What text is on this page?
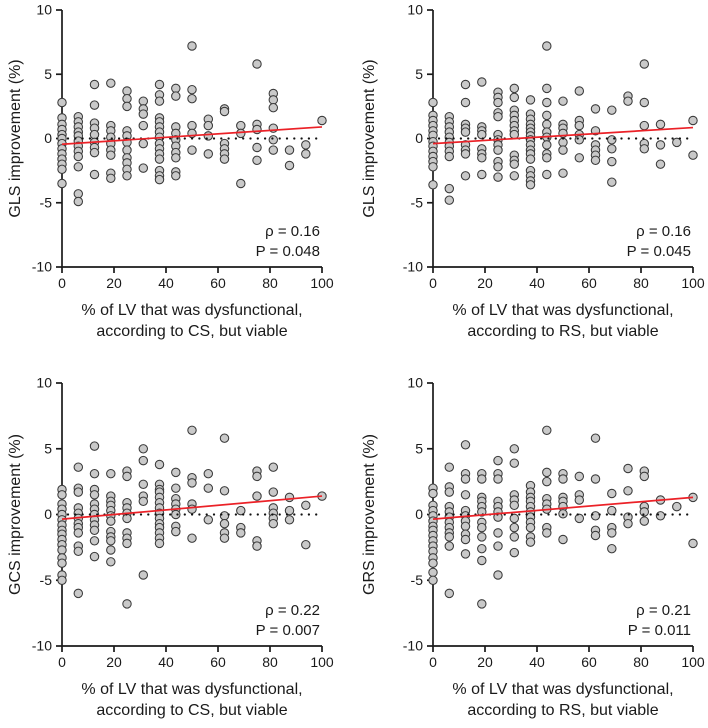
-10
-5
0
5
10
0	20	40	60	80 100
GLS improvement (%)
% of LV that was dysfunctional,
according to CS, but viable
ρ = 0.16
P = 0.048
-10
-5
0
5
10
0	20	40	60	80 100
GLS improvement (%)
% of LV that was dysfunctional,
according to RS, but viable
ρ = 0.16
P = 0.045
-10
-5
0
5
10
0	20	40	60	80 100
GCS improvement (%)
% of LV that was dysfunctional,
according to CS, but viable
ρ = 0.22
P = 0.007
-10
-5
0
5
10
0	20	40	60	80 100
GRS improvement (%)
% of LV that was dysfunctional,
according to RS, but viable
ρ = 0.21
P = 0.011
